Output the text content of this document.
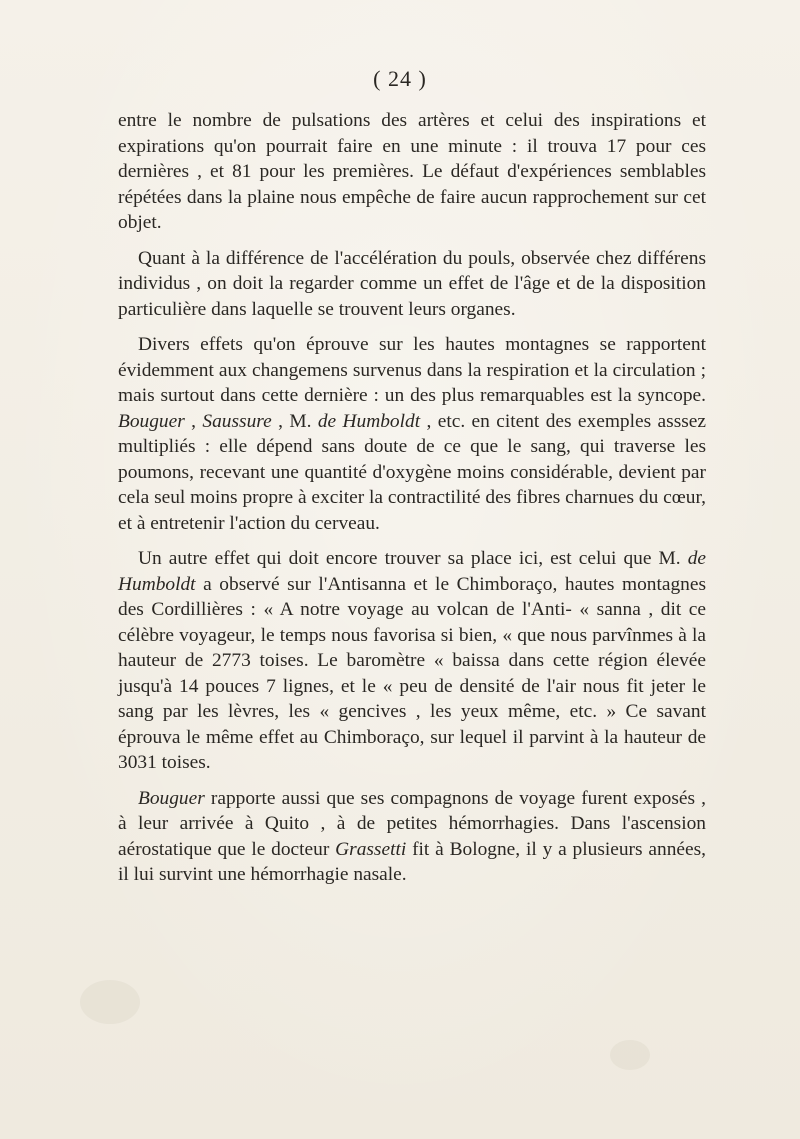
( 24 )

entre le nombre de pulsations des artères et celui des inspirations et expirations qu'on pourrait faire en une minute : il trouva 17 pour ces dernières , et 81 pour les premières. Le défaut d'expériences semblables répétées dans la plaine nous empêche de faire aucun rapprochement sur cet objet.

Quant à la différence de l'accélération du pouls, observée chez différens individus , on doit la regarder comme un effet de l'âge et de la disposition particulière dans laquelle se trouvent leurs organes.

Divers effets qu'on éprouve sur les hautes montagnes se rapportent évidemment aux changemens survenus dans la respiration et la circulation ; mais surtout dans cette dernière : un des plus remarquables est la syncope. Bouguer , Saussure , M. de Humboldt , etc. en citent des exemples asssez multipliés : elle dépend sans doute de ce que le sang, qui traverse les poumons, recevant une quantité d'oxygène moins considérable, devient par cela seul moins propre à exciter la contractilité des fibres charnues du cœur, et à entretenir l'action du cerveau.

Un autre effet qui doit encore trouver sa place ici, est celui que M. de Humboldt a observé sur l'Antisanna et le Chimboraço, hautes montagnes des Cordillières : « A notre voyage au volcan de l'Anti- « sanna , dit ce célèbre voyageur, le temps nous favorisa si bien, « que nous parvînmes à la hauteur de 2773 toises. Le baromètre « baissa dans cette région élevée jusqu'à 14 pouces 7 lignes, et le « peu de densité de l'air nous fit jeter le sang par les lèvres, les « gencives , les yeux même, etc. » Ce savant éprouva le même effet au Chimboraço, sur lequel il parvint à la hauteur de 3031 toises.

Bouguer rapporte aussi que ses compagnons de voyage furent exposés , à leur arrivée à Quito , à de petites hémorrhagies. Dans l'ascension aérostatique que le docteur Grassetti fit à Bologne, il y a plusieurs années, il lui survint une hémorrhagie nasale.
